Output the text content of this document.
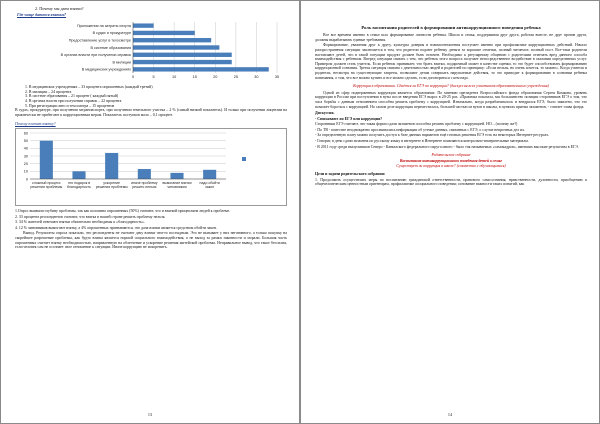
2. Почему мы даем взятки?

Где чаще даются взятки?

0	5	10	15	20	25	30	35
Приложения на затраты спорта
В судах и прокуратуре
Предоставление услуг в техосмотре
В системе образования
В органах власти при получении справок
В милиции
В медицинских учреждениях
1. В медицинских учреждениях – 33 процента опрошенных (каждый третий)
2. В милиции – 24 процента
3. В системе образования – 21 процент ( каждый пятый)
4. В органах власти при получении справок – 22 процента
5. При регистрации авто и техосмотра – 15 процентов

В судах, прокуратуре, при получении загранпаспорта, при получении земельного участка – 2 % (самый низкий показатель). И только при получении лицензии на практически не прибегают к коррупционным мерам. Показатель поступков мало – 0,1 процент.

Почему платят взятку?

0
10
20
30
40
50
60
сложный процесс решения проблемы
это подарок в благодарность
ускорение решения проблемы
иначе проблему решить нельзя
вымогание взятки чиновником
надо обойти закон

1.Опрос выявили глубину проблемы, так как половина опрошенных (50%) считают, что и взяткой прицепляем людей к проблеме.

2. 33 процента респондентов считают, что взятка в нашей стране решить проблему нельзя.

3. 34 % жителей отвечают взятки обязательно необходимы к «благодарность».

4. 12 % чиновников вымогают взятку, а 4% опрошенных признаваются, что дача взятки является средством обойти закон.

Вывод. Результаты опроса показали, что респонденты не считают дачу взятки чем-то постыдным. Это не вызывает у них негативного, а только покупку на скорейшее разрешение проблемы, как будто взятка является нормой социального взаимодействия, а не выход за рамки законности и морали. Большая часть опрошенных считает взятку необходимостью, направленную на облегчение и ускорение решения житейской проблемы. Неправильное вывод, что такое бессилия, если человек сам не осознает свое отношение к ситуации. Иначе коррупцию не искоренить.

13

Роль воспитания родителей в формировании антикоррупционного поведения ребенка

Все все времена именно в семье шло формирование личности ребенка. Школа и семья, поддерживая друг друга, работая вместе, не друг против друга, должны вырабатывать единые требования.

Формирование, уважения друг к другу, культуры доверия и взаимоотношения поступает именно при профилактике коррупционных действий. Начало распространения ситуации заключается в том, что родители подают ребенку деньги за хорошие отметки, полный читаемое, полный пост. Все-таки родители наставляют детей, что в такой ситуации продукт должен быть отличен. Необходимо к регулярному общению с родителями отмечать вред данного способа взаимодействия с ребенком. Вперед ситуации связать с тем, что ребенок этого вопроса получает непосредственное воздействие в оказании определенных услуг. Примером должен стать учитель. Если ребенок принимает, что брать взятки, подарочный может в качестве оценки, то это будет способствовать формированию коррупционной сознания. Третья ситуация связана с деятельностью людей и родителей по принципу: «Если нельзя, но очень хочется, то можно». Когда учителя и родители, несмотря на существующие запреты, позволяют детям совершать нарушаемые действия, то это приводит к формированию в сознании ребенка понимания, о том, что все можно купить и все можно сделать, если договориться с кем надо.

Коррупция в образовании. Сдаётся ли ЕГЭ по коррупции? (дискуссия всех участников образовательного учреждения)

Одной из сфер подверженных коррупции является образование. По мнению президента Всероссийского фонда образования Сергея Комкова, уровень коррупции в России при поступлении в вузы после введения ЕГЭ вырос в 20-25 раз. «Практика показала, мы большинство позиции сторонников ЕГЭ о том, что часа борьбы с данным отношением способна решить проблему с коррупцией. Изначально, когда разрабатывалось и внедрялся ЕГЭ, было заявлено, что это поможет бороться с коррупцией. Но самом деле коррупция переместилась, большей частью из вузов в школы, в пунктах приема экзаменов, - считает глава фонда.

Дискуссия.

- Списывают ли ЕГЭ или коррупция?

Сторонники ЕГЭ считают, что такая форма сдачи экзаменов способна решить проблему с коррупцией. НО... (почему же?)

- По ТВ - повестие неоднократно просачивались информации об утечке данных, связанных с ЕГЭ, о случае непрочных дел их.

- За определенную плату можно получить доступ к базе данных вариантов ещё готовых решения ЕГЭ есть на некоторых Интернет-ресурсах.

- Говорят, в день сдачи экзамена по русскому языку в интернете в Интернете появляются контрольно-измерительные материалы.

- В 2011 году среди выпускников Северо - Кавказского федерального округа много - было так называемых «самокадров», имевших высокие результаты в ЕГЭ.

Родительское собрание

Воспитание антикоррупционного поведения детей в семье

Существует ли коррупция в школе? (совместно с обучающимися)

Цели и задачи родительского собрания:

1. Продолжить осуществлять меры по воспитанию гражданской ответственности, правового самосознания, нравственности, духовности, приобщению к общечеловеческим ценностным ориентирам, профилактике асоциального поведения; основание важности таких понятий, как

14
